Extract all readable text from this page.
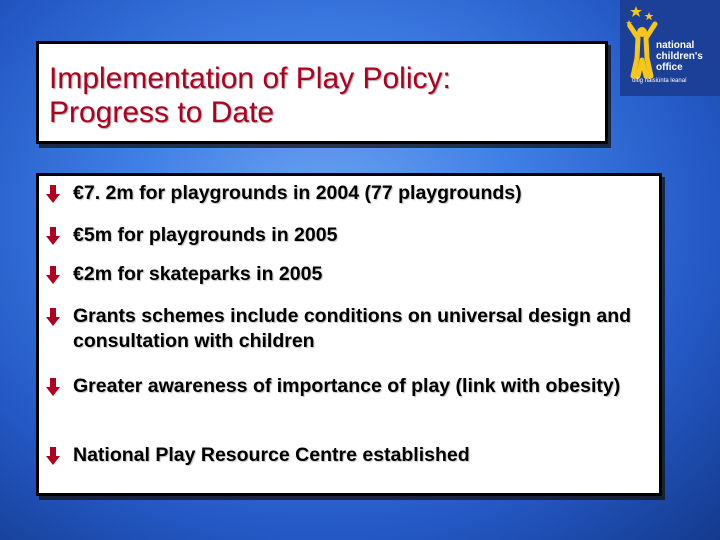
Implementation of Play Policy:
Progress to Date
national
children's
office
oifig náisiúnta leanaí
€7. 2m for playgrounds in 2004 (77 playgrounds)
€5m for playgrounds in 2005
€2m for skateparks in 2005
Grants schemes include conditions on universal design and consultation with children
Greater awareness of importance of play (link with obesity)
National Play Resource Centre established
